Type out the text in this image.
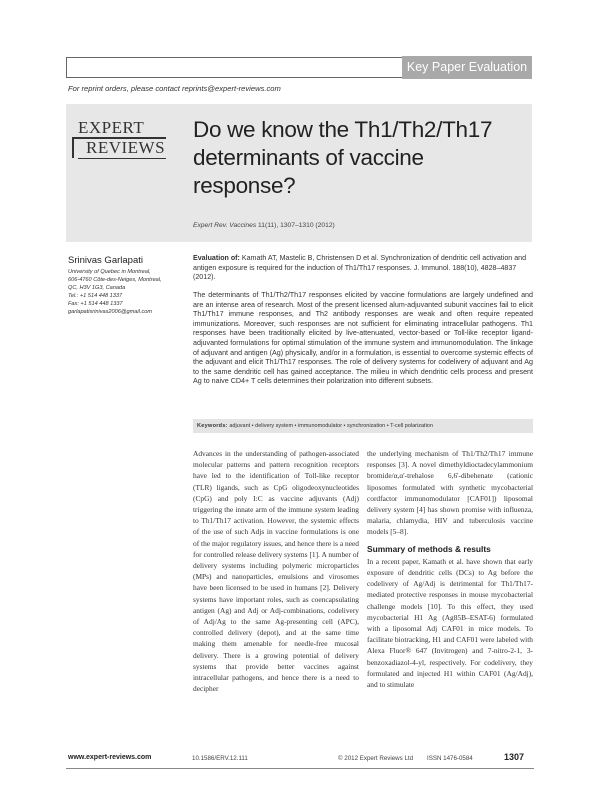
Key Paper Evaluation
For reprint orders, please contact reprints@expert-reviews.com
EXPERT
REVIEWS
Do we know the Th1/Th2/Th17 determinants of vaccine response?
Expert Rev. Vaccines 11(11), 1307–1310 (2012)
Srinivas Garlapati
University of Quebec in Montreal,
606-4760 Côte-des-Neiges, Montreal,
QC, H3V 1G3, Canada
Tel.: +1 514 448 1337
Fax: +1 514 448 1337
garlapatisrinivas2006@gmail.com
Evaluation of: Kamath AT, Mastelic B, Christensen D et al. Synchronization of dendritic cell activation and antigen exposure is required for the induction of Th1/Th17 responses. J. Immunol. 188(10), 4828–4837 (2012).
The determinants of Th1/Th2/Th17 responses elicited by vaccine formulations are largely undefined and are an intense area of research. Most of the present licensed alum-adjuvanted subunit vaccines fail to elicit Th1/Th17 immune responses, and Th2 antibody responses are weak and often require repeated immunizations. Moreover, such responses are not sufficient for eliminating intracellular pathogens. Th1 responses have been traditionally elicited by live-attenuated, vector-based or Toll-like receptor ligand-adjuvanted formulations for optimal stimulation of the immune system and immunomodulation. The linkage of adjuvant and antigen (Ag) physically, and/or in a formulation, is essential to overcome systemic effects of the adjuvant and elicit Th1/Th17 responses. The role of delivery systems for codelivery of adjuvant and Ag to the same dendritic cell has gained acceptance. The milieu in which dendritic cells process and present Ag to naive CD4+ T cells determines their polarization into different subsets.
Keywords: adjuvant • delivery system • immunomodulator • synchronization • T-cell polarization
Advances in the understanding of pathogen-associated molecular patterns and pattern recognition receptors have led to the identification of Toll-like receptor (TLR) ligands, such as CpG oligodeoxynucleotides (CpG) and poly I:C as vaccine adjuvants (Adj) triggering the innate arm of the immune system leading to Th1/Th17 activation. However, the systemic effects of the use of such Adjs in vaccine formulations is one of the major regulatory issues, and hence there is a need for controlled release delivery systems [1]. A number of delivery systems including polymeric microparticles (MPs) and nanoparticles, emulsions and virosomes have been licensed to be used in humans [2]. Delivery systems have important roles, such as coencapsulating antigen (Ag) and Adj or Adj-combinations, codelivery of Adj/Ag to the same Ag-presenting cell (APC), controlled delivery (depot), and at the same time making them amenable for needle-free mucosal delivery. There is a growing potential of delivery systems that provide better vaccines against intracellular pathogens, and hence there is a need to decipher
the underlying mechanism of Th1/Th2/Th17 immune responses [3]. A novel dimethyldioctadecylammonium bromide/α,α'-trehalose 6,6'-dibehenate (cationic liposomes formulated with synthetic mycobacterial cordfactor immunomodulator [CAF01]) liposomal delivery system [4] has shown promise with influenza, malaria, chlamydia, HIV and tuberculosis vaccine models [5–8].
Summary of methods & results
In a recent paper, Kamath et al. have shown that early exposure of dendritic cells (DCs) to Ag before the codelivery of Ag/Adj is detrimental for Th1/Th17-mediated protective responses in mouse mycobacterial challenge models [10]. To this effect, they used mycobacterial H1 Ag (Ag85B–ESAT-6) formulated with a liposomal Adj CAF01 in mice models. To facilitate biotracking, H1 and CAF01 were labeled with Alexa Fluor® 647 (Invitrogen) and 7-nitro-2-1, 3-benzoxadiazol-4-yl, respectively. For codelivery, they formulated and injected H1 within CAF01 (Ag/Adj), and to stimulate
www.expert-reviews.com	10.1586/ERV.12.111	© 2012 Expert Reviews Ltd ISSN 1476-0584	1307
